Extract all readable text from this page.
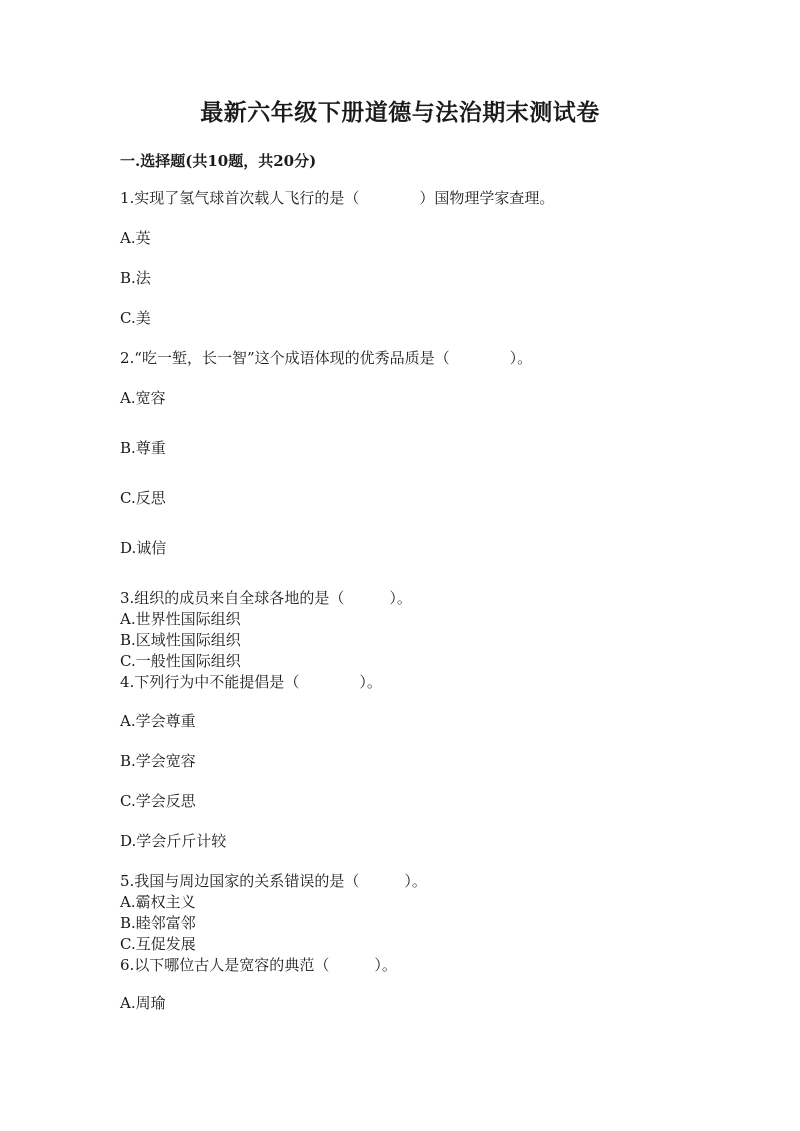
最新六年级下册道德与法治期末测试卷
一.选择题(共10题，共20分)
1.实现了氢气球首次载人飞行的是（　　　　）国物理学家查理。
A.英
B.法
C.美
2.“吃一堑，长一智”这个成语体现的优秀品质是（　　　　）。
A.宽容
B.尊重
C.反思
D.诚信
3.组织的成员来自全球各地的是（　　　）。
A.世界性国际组织
B.区域性国际组织
C.一般性国际组织
4.下列行为中不能提倡是（　　　　）。
A.学会尊重
B.学会宽容
C.学会反思
D.学会斤斤计较
5.我国与周边国家的关系错误的是（　　　）。
A.霸权主义
B.睦邻富邻
C.互促发展
6.以下哪位古人是宽容的典范（　　　）。
A.周瑜
